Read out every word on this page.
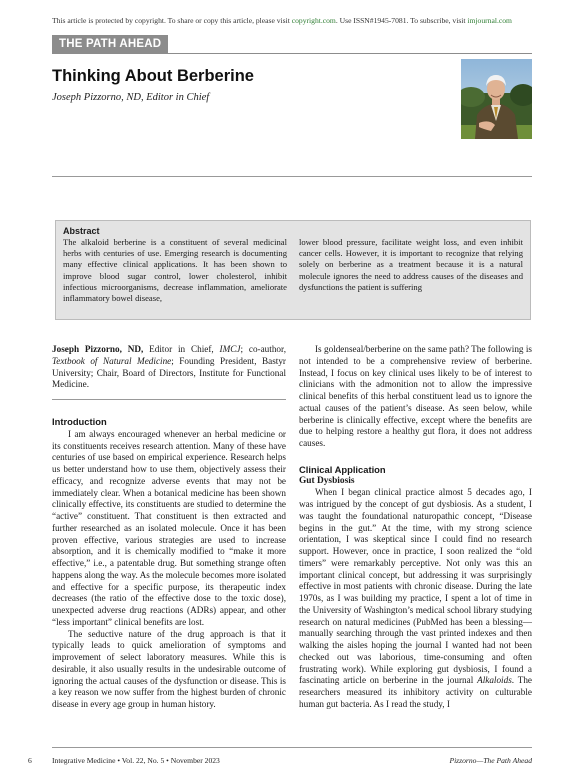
This article is protected by copyright. To share or copy this article, please visit copyright.com. Use ISSN#1945-7081. To subscribe, visit imjournal.com
THE PATH AHEAD
Thinking About Berberine
Joseph Pizzorno, ND, Editor in Chief
Abstract

The alkaloid berberine is a constituent of several medicinal herbs with centuries of use. Emerging research is documenting many effective clinical applications. It has been shown to improve blood sugar control, lower cholesterol, inhibit infectious microorganisms, decrease inflammation, ameliorate inflammatory bowel disease,

lower blood pressure, facilitate weight loss, and even inhibit cancer cells. However, it is important to recognize that relying solely on berberine as a treatment because it is a natural molecule ignores the need to address causes of the diseases and dysfunctions the patient is suffering

Joseph Pizzorno, ND, Editor in Chief, IMCJ; co-author, Textbook of Natural Medicine; Founding President, Bastyr University; Chair, Board of Directors, Institute for Functional Medicine.

Introduction

I am always encouraged whenever an herbal medicine or its constituents receives research attention. Many of these have centuries of use based on empirical experience. Research helps us better understand how to use them, objectively assess their efficacy, and recognize adverse events that may not be immediately clear. When a botanical medicine has been shown clinically effective, its constituents are studied to determine the “active” constituent. That constituent is then extracted and further researched as an isolated molecule. Once it has been proven effective, various strategies are used to increase absorption, and it is chemically modified to “make it more effective,” i.e., a patentable drug. But something strange often happens along the way. As the molecule becomes more isolated and effective for a specific purpose, its therapeutic index decreases (the ratio of the effective dose to the toxic dose), unexpected adverse drug reactions (ADRs) appear, and other “less important” clinical benefits are lost.

The seductive nature of the drug approach is that it typically leads to quick amelioration of symptoms and improvement of select laboratory measures. While this is desirable, it also usually results in the undesirable outcome of ignoring the actual causes of the dysfunction or disease. This is a key reason we now suffer from the highest burden of chronic disease in every age group in human history.

Is goldenseal/berberine on the same path? The following is not intended to be a comprehensive review of berberine. Instead, I focus on key clinical uses likely to be of interest to clinicians with the admonition not to allow the impressive clinical benefits of this herbal constituent lead us to ignore the actual causes of the patient’s disease. As seen below, while berberine is clinically effective, except where the benefits are due to helping restore a healthy gut flora, it does not address causes.

Clinical Application

Gut Dysbiosis

When I began clinical practice almost 5 decades ago, I was intrigued by the concept of gut dysbiosis. As a student, I was taught the foundational naturopathic concept, “Disease begins in the gut.” At the time, with my strong science orientation, I was skeptical since I could find no research support. However, once in practice, I soon realized the “old timers” were remarkably perceptive. Not only was this an important clinical concept, but addressing it was surprisingly effective in most patients with chronic disease. During the late 1970s, as I was building my practice, I spent a lot of time in the University of Washington’s medical school library studying research on natural medicines (PubMed has been a blessing—manually searching through the vast printed indexes and then walking the aisles hoping the journal I wanted had not been checked out was laborious, time-consuming and often frustrating work). While exploring gut dysbiosis, I found a fascinating article on berberine in the journal Alkaloids. The researchers measured its inhibitory activity on culturable human gut bacteria. As I read the study, I

6	Integrative Medicine • Vol. 22, No. 5 • November 2023	Pizzorno—The Path Ahead
